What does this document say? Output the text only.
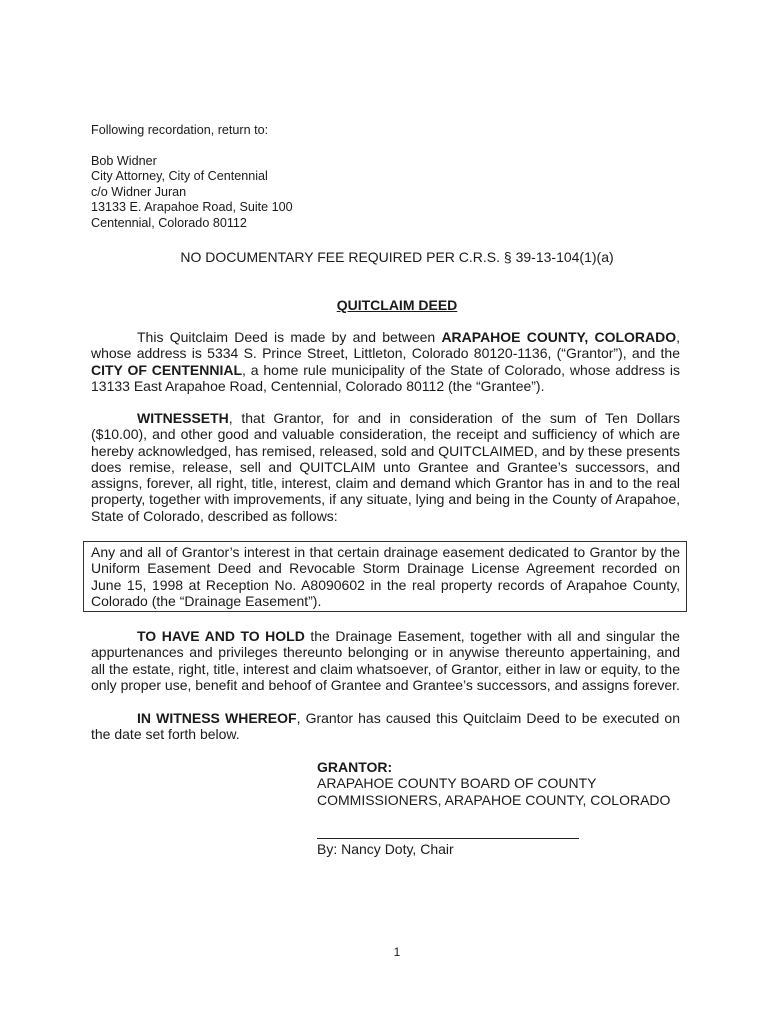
Following recordation, return to:
Bob Widner
City Attorney, City of Centennial
c/o Widner Juran
13133 E. Arapahoe Road, Suite 100
Centennial, Colorado 80112
NO DOCUMENTARY FEE REQUIRED PER C.R.S. § 39-13-104(1)(a)
QUITCLAIM DEED
This Quitclaim Deed is made by and between ARAPAHOE COUNTY, COLORADO, whose address is 5334 S. Prince Street, Littleton, Colorado 80120-1136, (“Grantor”), and the CITY OF CENTENNIAL, a home rule municipality of the State of Colorado, whose address is 13133 East Arapahoe Road, Centennial, Colorado 80112 (the “Grantee”).
WITNESSETH, that Grantor, for and in consideration of the sum of Ten Dollars ($10.00), and other good and valuable consideration, the receipt and sufficiency of which are hereby acknowledged, has remised, released, sold and QUITCLAIMED, and by these presents does remise, release, sell and QUITCLAIM unto Grantee and Grantee’s successors, and assigns, forever, all right, title, interest, claim and demand which Grantor has in and to the real property, together with improvements, if any situate, lying and being in the County of Arapahoe, State of Colorado, described as follows:
Any and all of Grantor’s interest in that certain drainage easement dedicated to Grantor by the Uniform Easement Deed and Revocable Storm Drainage License Agreement recorded on June 15, 1998 at Reception No. A8090602 in the real property records of Arapahoe County, Colorado (the “Drainage Easement”).
TO HAVE AND TO HOLD the Drainage Easement, together with all and singular the appurtenances and privileges thereunto belonging or in anywise thereunto appertaining, and all the estate, right, title, interest and claim whatsoever, of Grantor, either in law or equity, to the only proper use, benefit and behoof of Grantee and Grantee’s successors, and assigns forever.
IN WITNESS WHEREOF, Grantor has caused this Quitclaim Deed to be executed on the date set forth below.
GRANTOR:
ARAPAHOE COUNTY BOARD OF COUNTY
COMMISSIONERS, ARAPAHOE COUNTY, COLORADO
By: Nancy Doty, Chair
1
